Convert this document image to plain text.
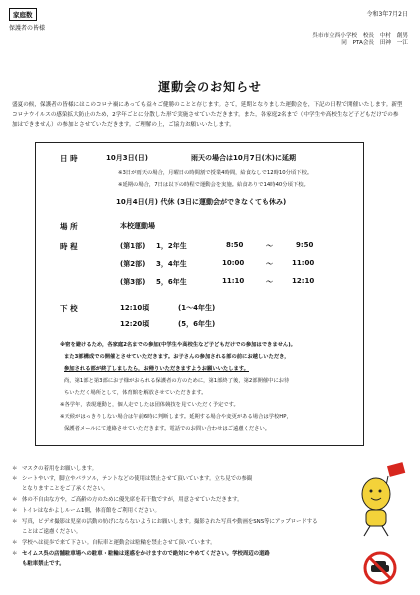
家庭数
保護者の皆様
令和3年7月2日
呉市市立西小学校 校長 中村 創男
同 PTA会長 田神 一江
運動会のお知らせ
盛夏の候，保護者の皆様にはこのコロナ禍にあっても益々ご健勝のことと存じます。さて，延期となりました運動会を，下記の日程で開催いたします。新型コロナウイルスの感染拡大防止のため，2学年ごとに分散した形で実施させていただきます。また，各家庭2名まで（中学生や高校生など子どもだけでの参加はできません）の参加とさせていただきます。ご理解の上，ご協力お願いいたします。
日 時	10月3日(日)	雨天の場合は10月7日(木)に延期
※3日が雨天の場合，月曜日の時間割で授業4時間，給食なしで12時10分頃下校。
※延期の場合，7日は以下の時程で運動会を実施。給食ありで14時40分頃下校。
10月4日(月) 代休 (3日に運動会ができなくても休み)
場 所	本校運動場
時 程	(第1部) 1，2年生	8:50	〜	9:50
(第2部) 3，4年生	10:00	〜	11:00
(第3部) 5，6年生	11:10	〜	12:10
下 校	12:10頃	(1〜4年生)
12:20頃	(5，6年生)
※密を避けるため，各家庭2名までの参加(中学生や高校生など子どもだけでの参加はできません)。
また3部構成での開催とさせていただきます。お子さんの参加される部の前にお越しいただき，
参加される部が終了しましたら，お帰りいただきますようお願いいたします。
尚，第1部と第3部にお子様がおられる保護者の方のために，第1部終了後，第2部開催中にお待
ちいただく場所として，体育館を解放させていただきます。
※各学年，表現運動と，個人走でしたは団体競技を見ていただく予定です。
※天候がはっきりしない場合は午前6時に判断します。延期する場合や変更がある場合は学校HP，
保護者メールにて連絡させていただきます。電話でのお問い合わせはご遠慮ください。
＊ マスクの着用をお願いします。
＊ シートやいす，脚立やパラソル，テントなどの使用は禁止させて頂いています。立ち見での参観
となりますことをご了承ください。
＊ 体の不自由な方や，ご高齢の方のために優先席を若干数ですが，用意させていただきます。
＊ トイレはなかよしルーム1側，体育館をご利用ください。
＊ 写真，ビデオ撮影は児童の活動の妨げにならないようにお願いします。撮影された写真や動画をSNS等にアップロードする
ことはご遠慮ください。
＊ 学校へは徒歩で来て下さい。自転車と運動会は駐輪を禁止させて頂いています。
＊ セイムス呉の店舗駐車場への駐車・駐輪は迷惑をかけますので絶対にやめてください。学校周辺の道路
も駐車禁止です。
